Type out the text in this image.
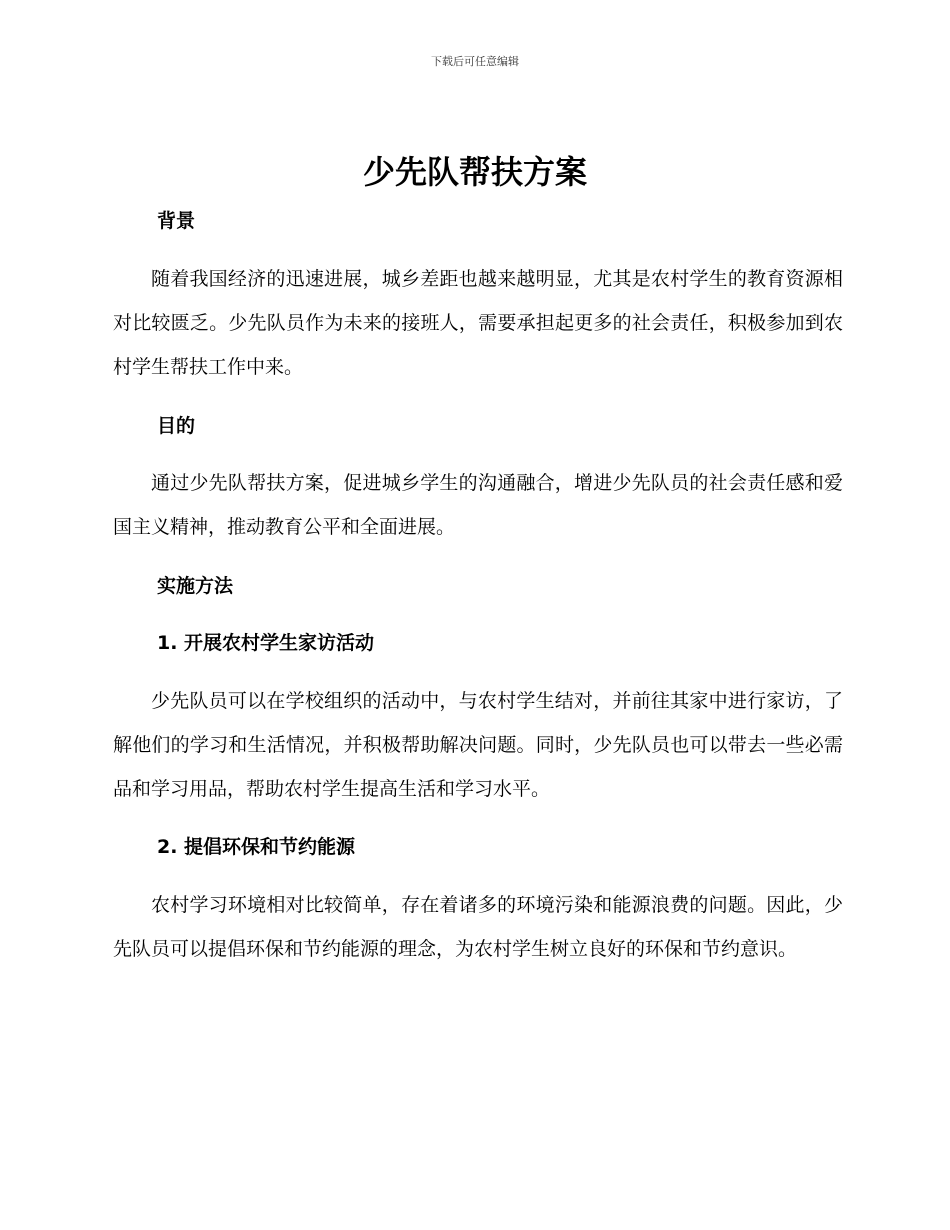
下载后可任意编辑
少先队帮扶方案
背景

随着我国经济的迅速进展，城乡差距也越来越明显，尤其是农村学生的教育资源相对比较匮乏。少先队员作为未来的接班人，需要承担起更多的社会责任，积极参加到农村学生帮扶工作中来。

目的

通过少先队帮扶方案，促进城乡学生的沟通融合，增进少先队员的社会责任感和爱国主义精神，推动教育公平和全面进展。

实施方法
1. 开展农村学生家访活动

少先队员可以在学校组织的活动中，与农村学生结对，并前往其家中进行家访，了解他们的学习和生活情况，并积极帮助解决问题。同时，少先队员也可以带去一些必需品和学习用品，帮助农村学生提高生活和学习水平。

2. 提倡环保和节约能源

农村学习环境相对比较简单，存在着诸多的环境污染和能源浪费的问题。因此，少先队员可以提倡环保和节约能源的理念，为农村学生树立良好的环保和节约意识。
